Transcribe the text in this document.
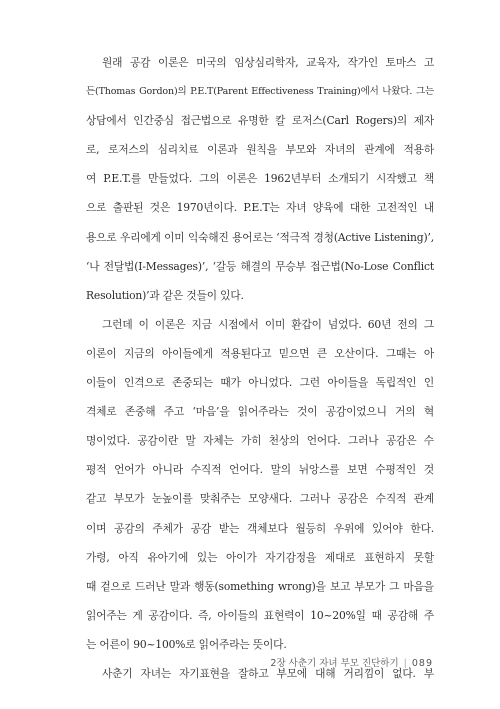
원래 공감 이론은 미국의 임상심리학자, 교육자, 작가인 토마스 고
든(Thomas Gordon)의 P.E.T(Parent Effectiveness Training)에서 나왔다. 그는
상담에서 인간중심 접근법으로 유명한 칼 로저스(Carl Rogers)의 제자
로, 로저스의 심리치료 이론과 원칙을 부모와 자녀의 관계에 적용하
여 P.E.T.를 만들었다. 그의 이론은 1962년부터 소개되기 시작했고 책
으로 출판된 것은 1970년이다. P.E.T는 자녀 양육에 대한 고전적인 내
용으로 우리에게 이미 익숙해진 용어로는 ‘적극적 경청(Active Listening)’,
‘나 전달법(I-Messages)’, ‘갈등 해결의 무승부 접근법(No-Lose Conflict
Resolution)’과 같은 것들이 있다.
그런데 이 이론은 지금 시점에서 이미 환갑이 넘었다. 60년 전의 그
이론이 지금의 아이들에게 적용된다고 믿으면 큰 오산이다. 그때는 아
이들이 인격으로 존중되는 때가 아니었다. 그런 아이들을 독립적인 인
격체로 존중해 주고 ‘마음’을 읽어주라는 것이 공감이었으니 거의 혁
명이었다. 공감이란 말 자체는 가히 천상의 언어다. 그러나 공감은 수
평적 언어가 아니라 수직적 언어다. 말의 뉘앙스를 보면 수평적인 것
같고 부모가 눈높이를 맞춰주는 모양새다. 그러나 공감은 수직적 관계
이며 공감의 주체가 공감 받는 객체보다 월등히 우위에 있어야 한다.
가령, 아직 유아기에 있는 아이가 자기감정을 제대로 표현하지 못할
때 겉으로 드러난 말과 행동(something wrong)을 보고 부모가 그 마음을
읽어주는 게 공감이다. 즉, 아이들의 표현력이 10~20%일 때 공감해 주
는 어른이 90~100%로 읽어주라는 뜻이다.
사춘기 자녀는 자기표현을 잘하고 부모에 대해 거리낌이 없다. 부
2장 사춘기 자녀 부모 진단하기 | 089
